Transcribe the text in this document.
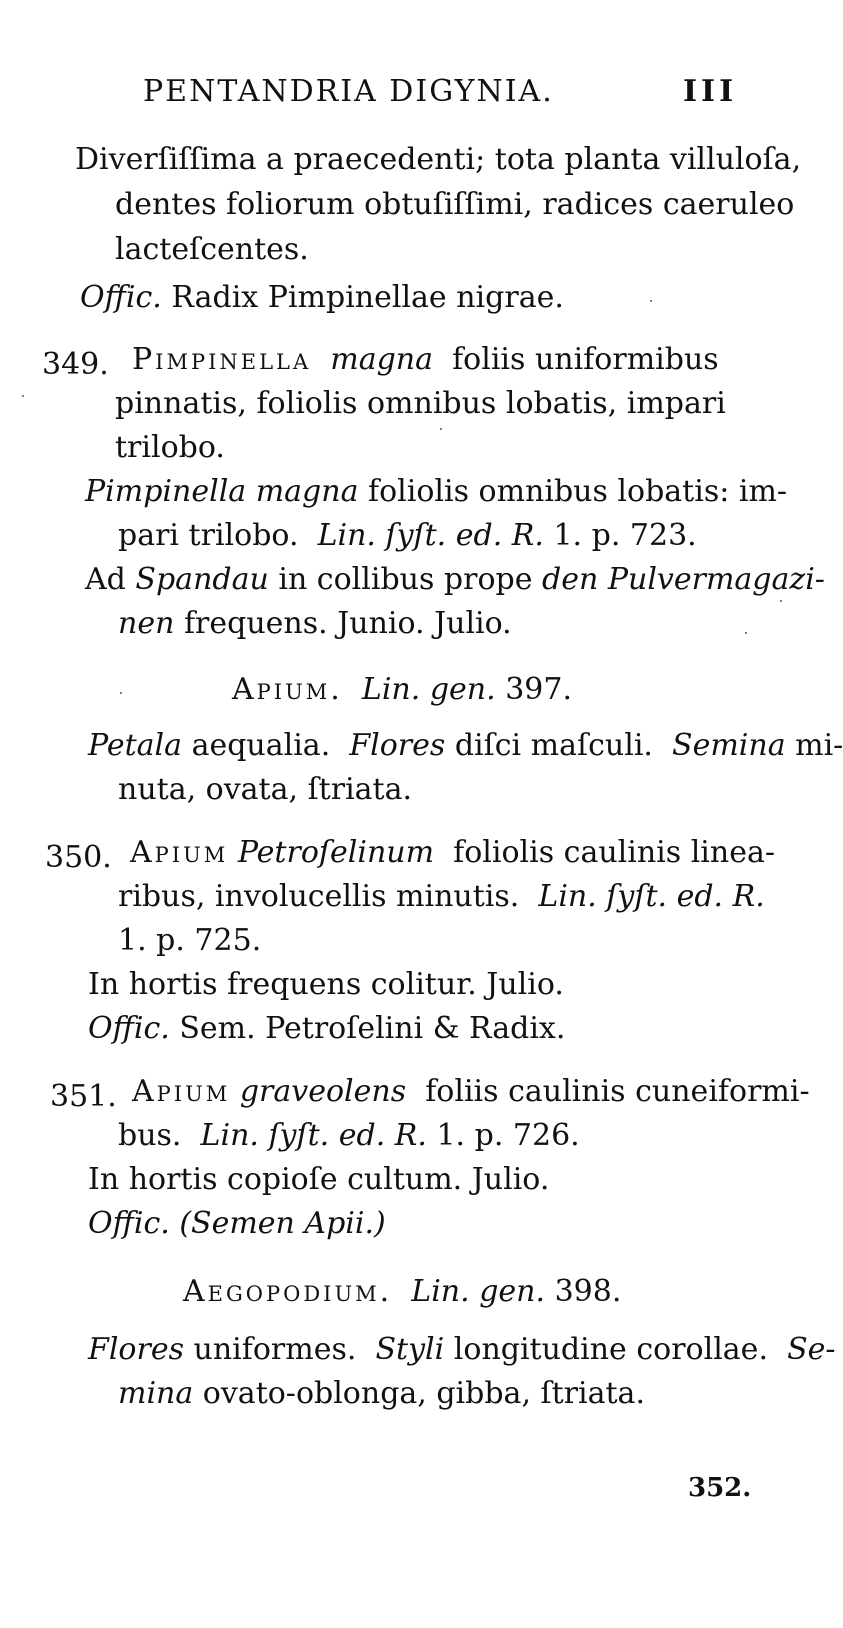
PENTANDRIA DIGYNIA.	III
Diverſiſſima a praecedenti; tota planta villuloſa,
dentes foliorum obtuſiſſimi, radices caeruleo
lacteſcentes.
Offic. Radix Pimpinellae nigrae.
349. Pimpinella magna foliis uniformibus
pinnatis, foliolis omnibus lobatis, impari
trilobo.
Pimpinella magna foliolis omnibus lobatis: im-
pari trilobo. Lin. ſyſt. ed. R. 1. p. 723.
Ad Spandau in collibus prope den Pulvermagazi-
nen frequens. Junio. Julio.
Apium. Lin. gen. 397.
Petala aequalia. Flores diſci maſculi. Semina mi-
nuta, ovata, ſtriata.
350. Apium Petroſelinum foliolis caulinis linea-
ribus, involucellis minutis. Lin. ſyſt. ed. R.
1. p. 725.
In hortis frequens colitur. Julio.
Offic. Sem. Petroſelini & Radix.
351. Apium graveolens foliis caulinis cuneiformi-
bus. Lin. ſyſt. ed. R. 1. p. 726.
In hortis copioſe cultum. Julio.
Offic. (Semen Apii.)
Aegopodium. Lin. gen. 398.
Flores uniformes. Styli longitudine corollae. Se-
mina ovato-oblonga, gibba, ſtriata.
352.
